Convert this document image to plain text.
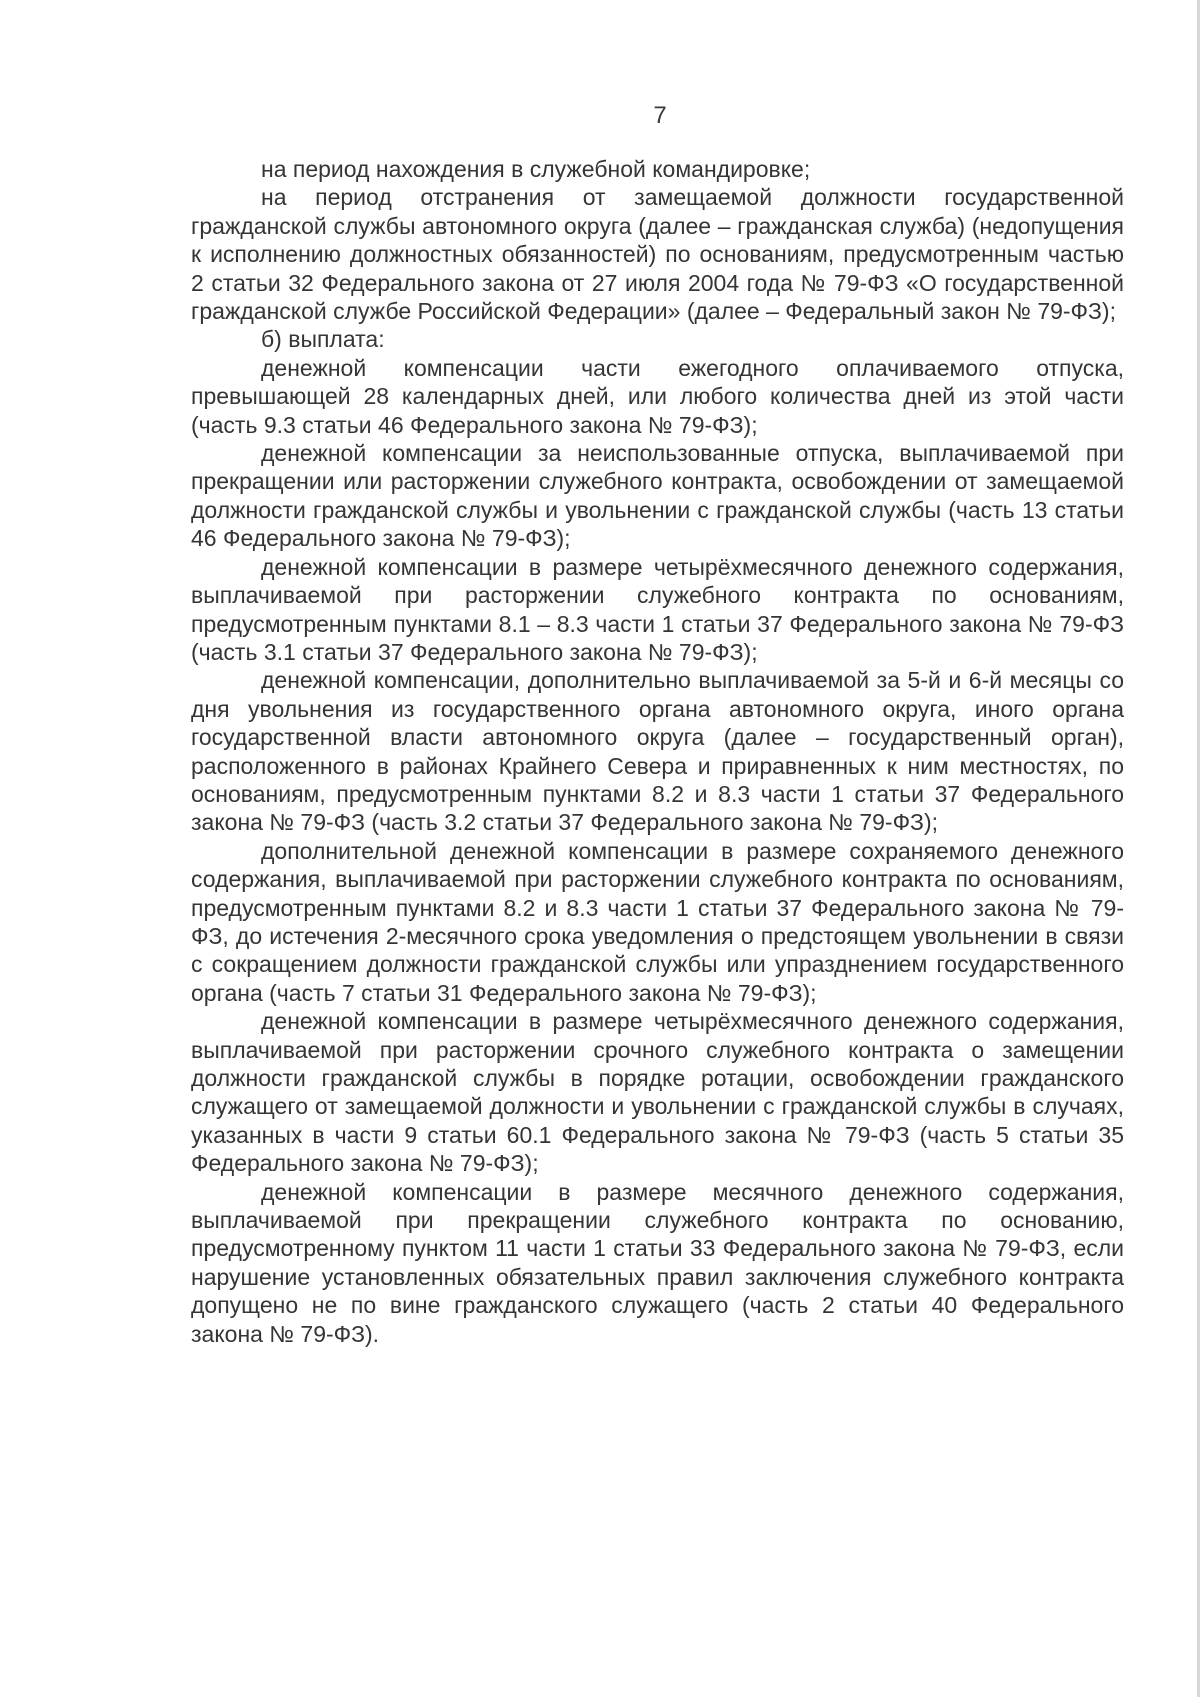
7

на период нахождения в служебной командировке;

на период отстранения от замещаемой должности государственной гражданской службы автономного округа (далее – гражданская служба) (недопущения к исполнению должностных обязанностей) по основаниям, предусмотренным частью 2 статьи 32 Федерального закона от 27 июля 2004 года № 79-ФЗ «О государственной гражданской службе Российской Федерации» (далее – Федеральный закон № 79-ФЗ);

б) выплата:

денежной компенсации части ежегодного оплачиваемого отпуска, превышающей 28 календарных дней, или любого количества дней из этой части (часть 9.3 статьи 46 Федерального закона № 79-ФЗ);

денежной компенсации за неиспользованные отпуска, выплачиваемой при прекращении или расторжении служебного контракта, освобождении от замещаемой должности гражданской службы и увольнении с гражданской службы (часть 13 статьи 46 Федерального закона № 79-ФЗ);

денежной компенсации в размере четырёхмесячного денежного содержания, выплачиваемой при расторжении служебного контракта по основаниям, предусмотренным пунктами 8.1 – 8.3 части 1 статьи 37 Федерального закона № 79-ФЗ (часть 3.1 статьи 37 Федерального закона № 79-ФЗ);

денежной компенсации, дополнительно выплачиваемой за 5-й и 6-й месяцы со дня увольнения из государственного органа автономного округа, иного органа государственной власти автономного округа (далее – государственный орган), расположенного в районах Крайнего Севера и приравненных к ним местностях, по основаниям, предусмотренным пунктами 8.2 и 8.3 части 1 статьи 37 Федерального закона № 79-ФЗ (часть 3.2 статьи 37 Федерального закона № 79-ФЗ);

дополнительной денежной компенсации в размере сохраняемого денежного содержания, выплачиваемой при расторжении служебного контракта по основаниям, предусмотренным пунктами 8.2 и 8.3 части 1 статьи 37 Федерального закона № 79-ФЗ, до истечения 2-месячного срока уведомления о предстоящем увольнении в связи с сокращением должности гражданской службы или упразднением государственного органа (часть 7 статьи 31 Федерального закона № 79-ФЗ);

денежной компенсации в размере четырёхмесячного денежного содержания, выплачиваемой при расторжении срочного служебного контракта о замещении должности гражданской службы в порядке ротации, освобождении гражданского служащего от замещаемой должности и увольнении с гражданской службы в случаях, указанных в части 9 статьи 60.1 Федерального закона № 79-ФЗ (часть 5 статьи 35 Федерального закона № 79-ФЗ);

денежной компенсации в размере месячного денежного содержания, выплачиваемой при прекращении служебного контракта по основанию, предусмотренному пунктом 11 части 1 статьи 33 Федерального закона № 79-ФЗ, если нарушение установленных обязательных правил заключения служебного контракта допущено не по вине гражданского служащего (часть 2 статьи 40 Федерального закона № 79-ФЗ).
